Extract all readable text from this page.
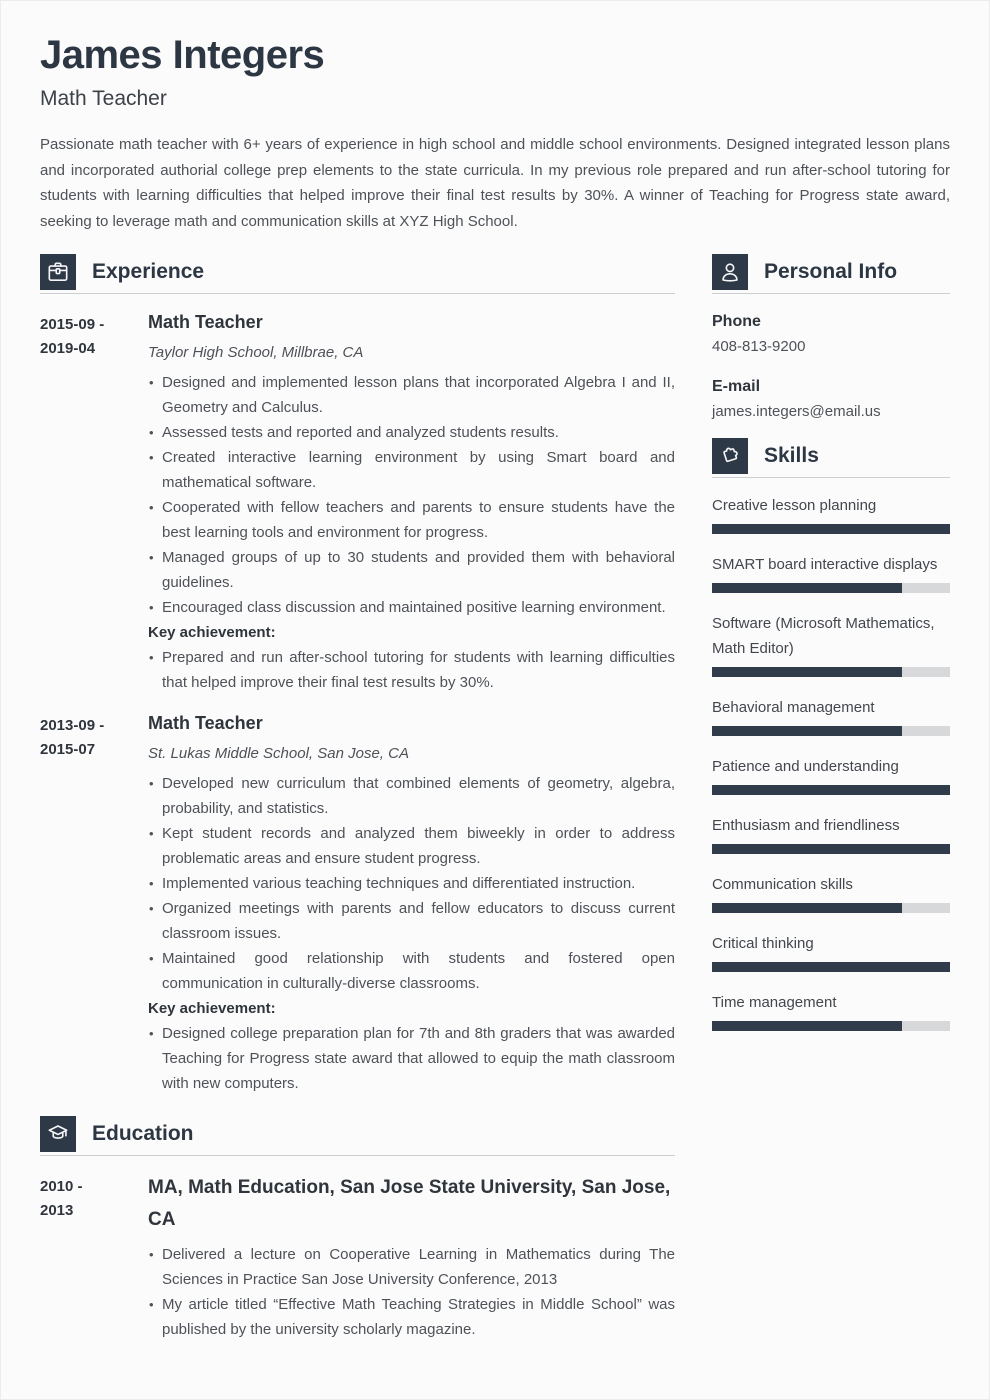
James Integers
Math Teacher

Passionate math teacher with 6+ years of experience in high school and middle school environments. Designed integrated lesson plans and incorporated authorial college prep elements to the state curricula. In my previous role prepared and run after-school tutoring for students with learning difficulties that helped improve their final test results by 30%. A winner of Teaching for Progress state award, seeking to leverage math and communication skills at XYZ High School.

Experience
2015-09 -
2019-04
Math Teacher
Taylor High School, Millbrae, CA
• Designed and implemented lesson plans that incorporated Algebra I and II, Geometry and Calculus.
• Assessed tests and reported and analyzed students results.
• Created interactive learning environment by using Smart board and mathematical software.
• Cooperated with fellow teachers and parents to ensure students have the best learning tools and environment for progress.
• Managed groups of up to 30 students and provided them with behavioral guidelines.
• Encouraged class discussion and maintained positive learning environment.
Key achievement:
• Prepared and run after-school tutoring for students with learning difficulties that helped improve their final test results by 30%.
2013-09 -
2015-07
Math Teacher
St. Lukas Middle School, San Jose, CA
• Developed new curriculum that combined elements of geometry, algebra, probability, and statistics.
• Kept student records and analyzed them biweekly in order to address problematic areas and ensure student progress.
• Implemented various teaching techniques and differentiated instruction.
• Organized meetings with parents and fellow educators to discuss current classroom issues.
• Maintained good relationship with students and fostered open communication in culturally-diverse classrooms.
Key achievement:
• Designed college preparation plan for 7th and 8th graders that was awarded Teaching for Progress state award that allowed to equip the math classroom with new computers.
Education
2010 -
2013
MA, Math Education, San Jose State University, San Jose, CA
• Delivered a lecture on Cooperative Learning in Mathematics during The Sciences in Practice San Jose University Conference, 2013
• My article titled “Effective Math Teaching Strategies in Middle School” was published by the university scholarly magazine.
Personal Info
Phone
408-813-9200
E-mail
james.integers@email.us
Skills
Creative lesson planning
SMART board interactive displays
Software (Microsoft Mathematics, Math Editor)
Behavioral management
Patience and understanding
Enthusiasm and friendliness
Communication skills
Critical thinking
Time management
